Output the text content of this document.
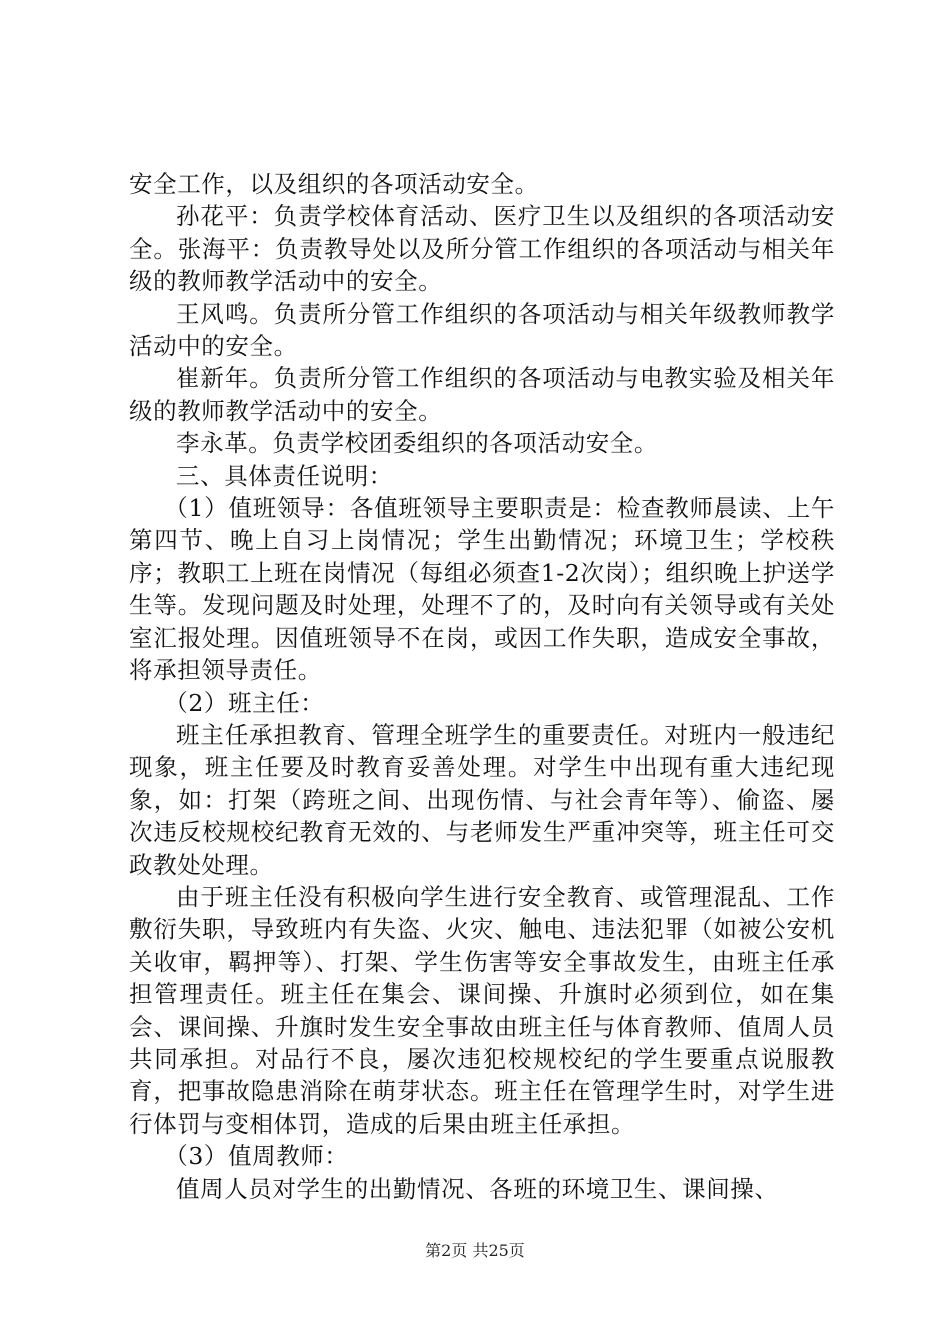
安全工作，以及组织的各项活动安全。

孙花平：负责学校体育活动、医疗卫生以及组织的各项活动安全。张海平：负责教导处以及所分管工作组织的各项活动与相关年级的教师教学活动中的安全。

王风鸣。负责所分管工作组织的各项活动与相关年级教师教学活动中的安全。

崔新年。负责所分管工作组织的各项活动与电教实验及相关年级的教师教学活动中的安全。

李永革。负责学校团委组织的各项活动安全。

三、具体责任说明：

（1）值班领导：各值班领导主要职责是：检查教师晨读、上午第四节、晚上自习上岗情况；学生出勤情况；环境卫生；学校秩序；教职工上班在岗情况（每组必须查1-2次岗）；组织晚上护送学生等。发现问题及时处理，处理不了的，及时向有关领导或有关处室汇报处理。因值班领导不在岗，或因工作失职，造成安全事故，将承担领导责任。

（2）班主任：

班主任承担教育、管理全班学生的重要责任。对班内一般违纪现象，班主任要及时教育妥善处理。对学生中出现有重大违纪现象，如：打架（跨班之间、出现伤情、与社会青年等）、偷盗、屡次违反校规校纪教育无效的、与老师发生严重冲突等，班主任可交政教处处理。

由于班主任没有积极向学生进行安全教育、或管理混乱、工作敷衍失职，导致班内有失盗、火灾、触电、违法犯罪（如被公安机关收审，羁押等）、打架、学生伤害等安全事故发生，由班主任承担管理责任。班主任在集会、课间操、升旗时必须到位，如在集会、课间操、升旗时发生安全事故由班主任与体育教师、值周人员共同承担。对品行不良，屡次违犯校规校纪的学生要重点说服教育，把事故隐患消除在萌芽状态。班主任在管理学生时，对学生进行体罚与变相体罚，造成的后果由班主任承担。

（3）值周教师：

值周人员对学生的出勤情况、各班的环境卫生、课间操、

第2页 共25页
